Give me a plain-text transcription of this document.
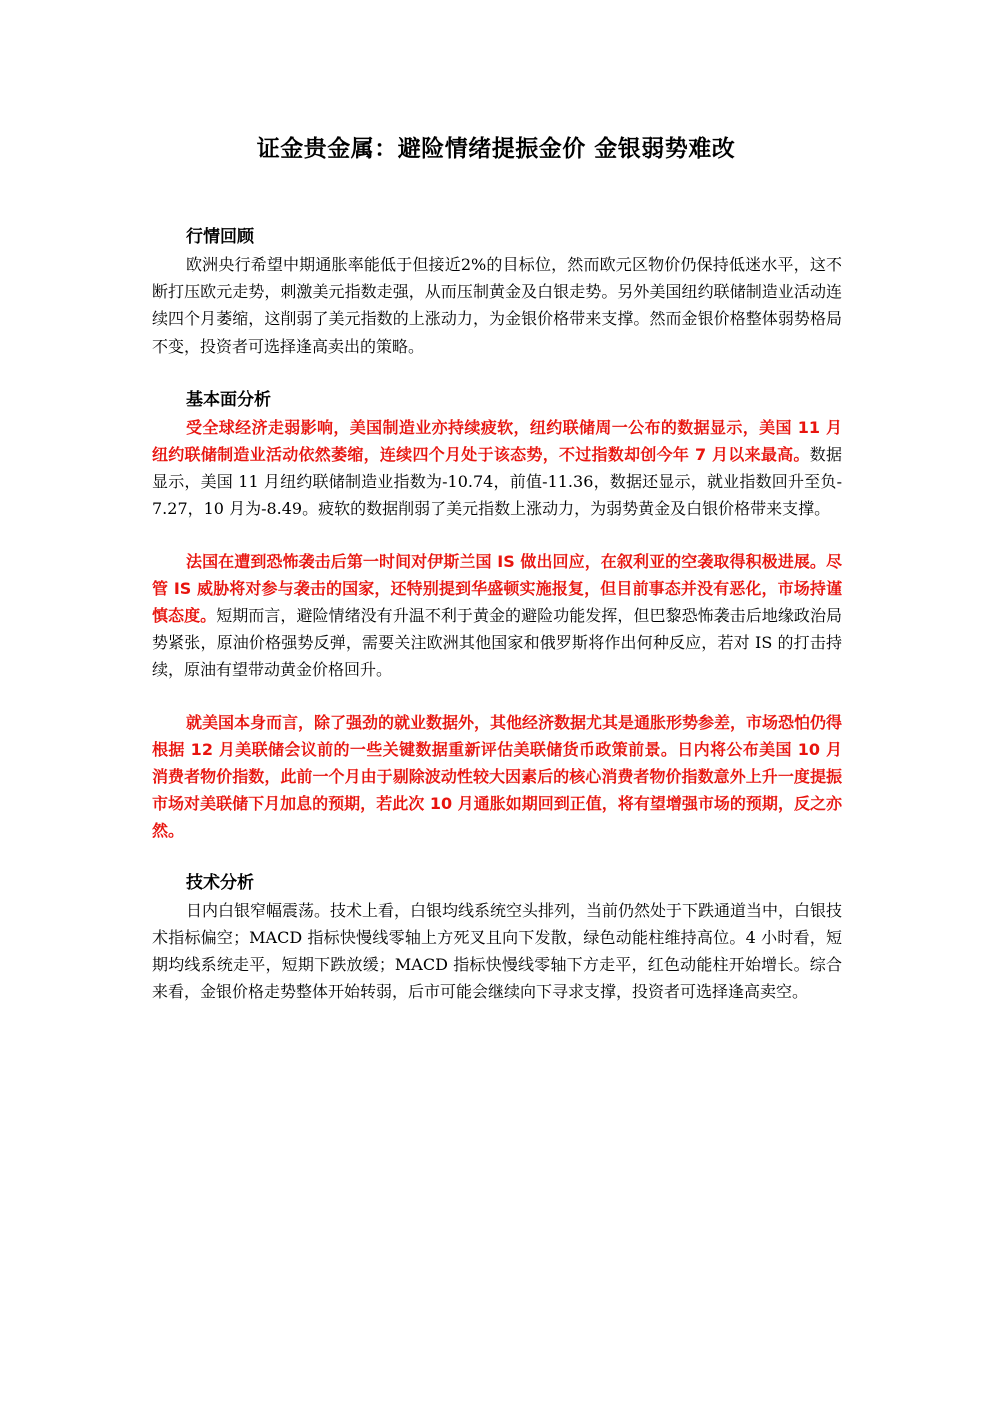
证金贵金属：避险情绪提振金价 金银弱势难改
行情回顾

欧洲央行希望中期通胀率能低于但接近2%的目标位，然而欧元区物价仍保持低迷水平，这不断打压欧元走势，刺激美元指数走强，从而压制黄金及白银走势。另外美国纽约联储制造业活动连续四个月萎缩，这削弱了美元指数的上涨动力，为金银价格带来支撑。然而金银价格整体弱势格局不变，投资者可选择逢高卖出的策略。

基本面分析

受全球经济走弱影响，美国制造业亦持续疲软，纽约联储周一公布的数据显示，美国 11 月纽约联储制造业活动依然萎缩，连续四个月处于该态势，不过指数却创今年 7 月以来最高。数据显示，美国 11 月纽约联储制造业指数为-10.74，前值-11.36，数据还显示，就业指数回升至负-7.27，10 月为-8.49。疲软的数据削弱了美元指数上涨动力，为弱势黄金及白银价格带来支撑。

法国在遭到恐怖袭击后第一时间对伊斯兰国 IS 做出回应，在叙利亚的空袭取得积极进展。尽管 IS 威胁将对参与袭击的国家，还特别提到华盛顿实施报复，但目前事态并没有恶化，市场持谨慎态度。短期而言，避险情绪没有升温不利于黄金的避险功能发挥，但巴黎恐怖袭击后地缘政治局势紧张，原油价格强势反弹，需要关注欧洲其他国家和俄罗斯将作出何种反应，若对 IS 的打击持续，原油有望带动黄金价格回升。

就美国本身而言，除了强劲的就业数据外，其他经济数据尤其是通胀形势参差，市场恐怕仍得根据 12 月美联储会议前的一些关键数据重新评估美联储货币政策前景。日内将公布美国 10 月消费者物价指数，此前一个月由于剔除波动性较大因素后的核心消费者物价指数意外上升一度提振市场对美联储下月加息的预期，若此次 10 月通胀如期回到正值，将有望增强市场的预期，反之亦然。

技术分析

日内白银窄幅震荡。技术上看，白银均线系统空头排列，当前仍然处于下跌通道当中，白银技术指标偏空；MACD 指标快慢线零轴上方死叉且向下发散，绿色动能柱维持高位。4 小时看，短期均线系统走平，短期下跌放缓；MACD 指标快慢线零轴下方走平，红色动能柱开始增长。综合来看，金银价格走势整体开始转弱，后市可能会继续向下寻求支撑，投资者可选择逢高卖空。
